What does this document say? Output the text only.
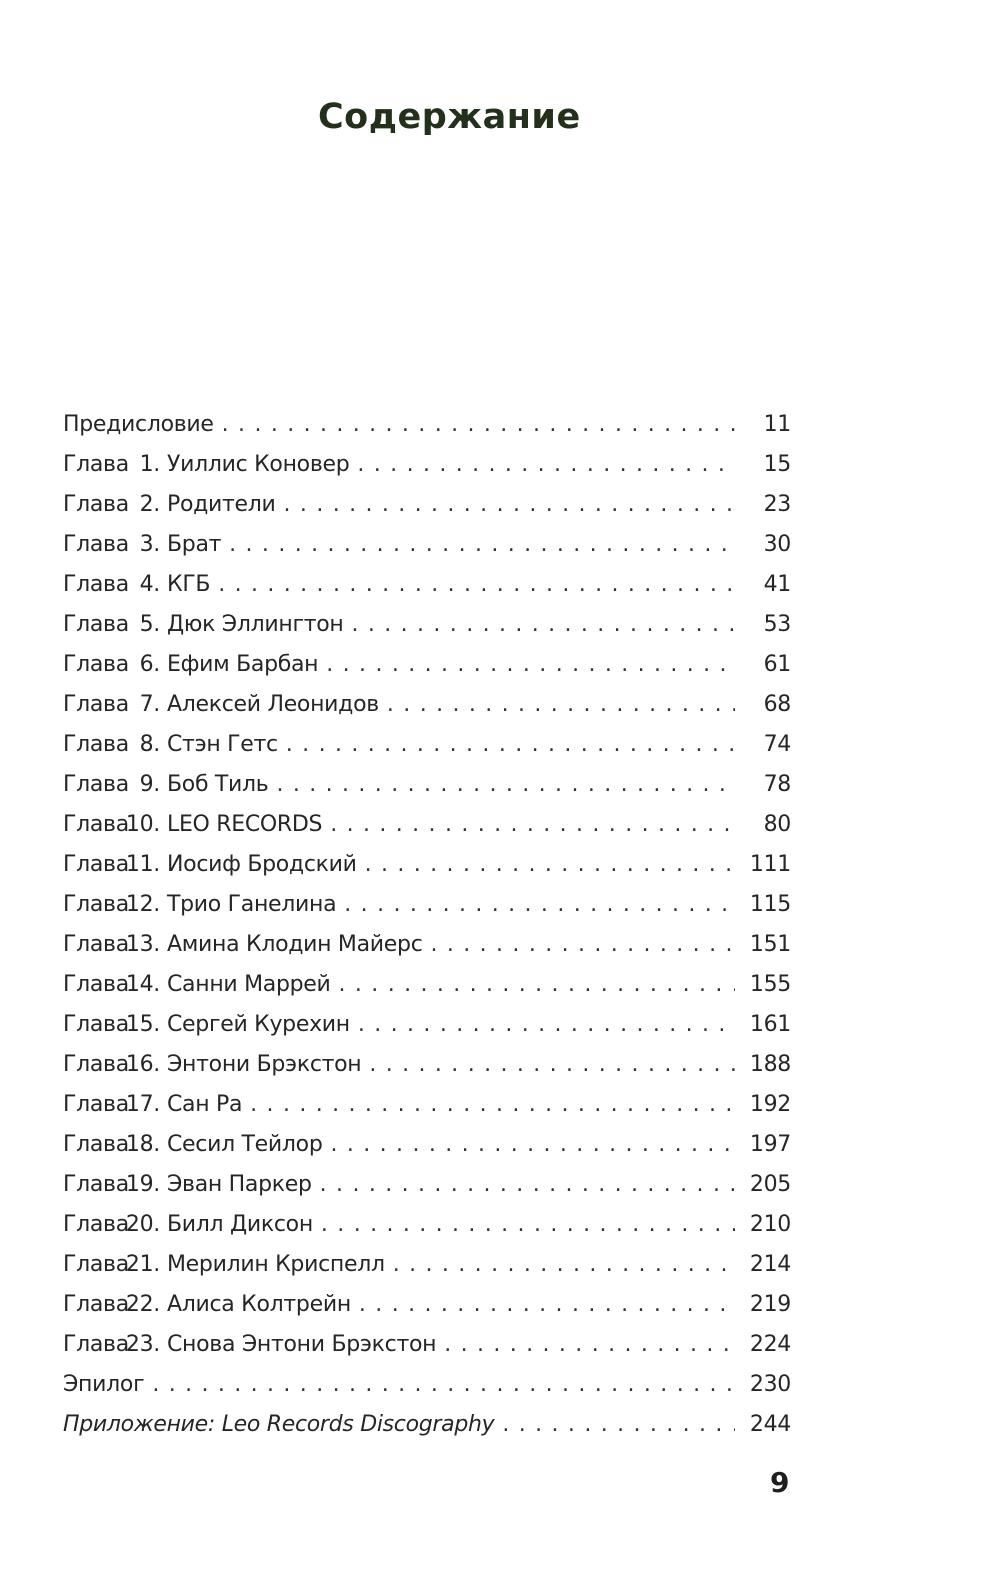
Содержание
Предисловие . . .	11
Глава 1. Уиллис Коновер . . .	15
Глава 2. Родители . . .	23
Глава 3. Брат . . .	30
Глава 4. КГБ . . .	41
Глава 5. Дюк Эллингтон . . .	53
Глава 6. Ефим Барбан . . .	61
Глава 7. Алексей Леонидов . . .	68
Глава 8. Стэн Гетс . . .	74
Глава 9. Боб Тиль . . .	78
Глава10. LEO RECORDS . . .	80
Глава11. Иосиф Бродский . . .	111
Глава12. Трио Ганелина . . .	115
Глава13. Амина Клодин Майерс . . .	151
Глава14. Санни Маррей . . .	155
Глава15. Сергей Курехин . . .	161
Глава16. Энтони Брэкстон . . .	188
Глава17. Сан Ра . . .	192
Глава18. Сесил Тейлор . . .	197
Глава19. Эван Паркер . . .	205
Глава20. Билл Диксон . . .	210
Глава21. Мерилин Криспелл . . .	214
Глава22. Алиса Колтрейн . . .	219
Глава23. Снова Энтони Брэкстон . . .	224
Эпилог . . .	230
Приложение: Leo Records Discography . . .	244
9
